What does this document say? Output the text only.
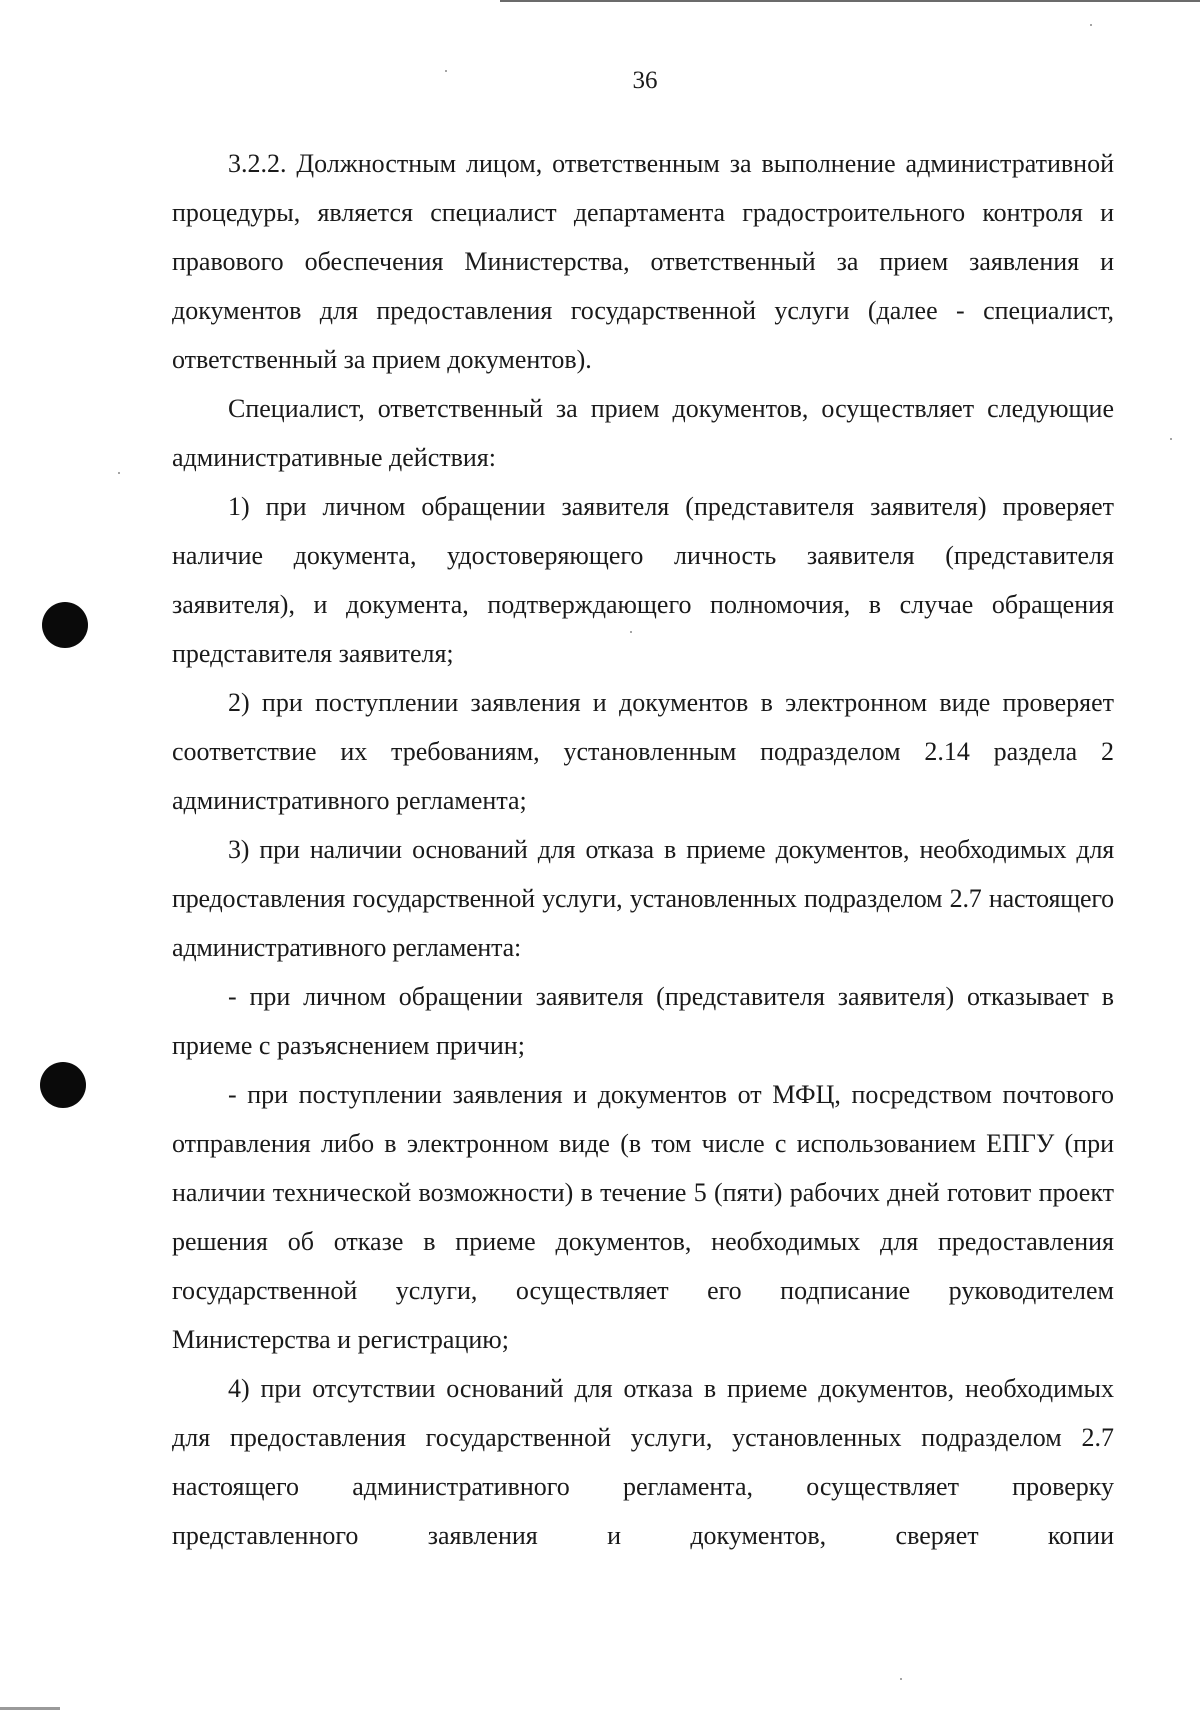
36

3.2.2. Должностным лицом, ответственным за выполнение административной процедуры, является специалист департамента градостроительного контроля и правового обеспечения Министерства, ответственный за прием заявления и документов для предоставления государственной услуги (далее - специалист, ответственный за прием документов).

Специалист, ответственный за прием документов, осуществляет следующие административные действия:

1) при личном обращении заявителя (представителя заявителя) проверяет наличие документа, удостоверяющего личность заявителя (представителя заявителя), и документа, подтверждающего полномочия, в случае обращения представителя заявителя;

2) при поступлении заявления и документов в электронном виде проверяет соответствие их требованиям, установленным подразделом 2.14 раздела 2 административного регламента;

3) при наличии оснований для отказа в приеме документов, необходимых для предоставления государственной услуги, установленных подразделом 2.7 настоящего административного регламента:

- при личном обращении заявителя (представителя заявителя) отказывает в приеме с разъяснением причин;

- при поступлении заявления и документов от МФЦ, посредством почтового отправления либо в электронном виде (в том числе с использованием ЕПГУ (при наличии технической возможности) в течение 5 (пяти) рабочих дней готовит проект решения об отказе в приеме документов, необходимых для предоставления государственной услуги, осуществляет его подписание руководителем Министерства и регистрацию;

4) при отсутствии оснований для отказа в приеме документов, необходимых для предоставления государственной услуги, установленных подразделом 2.7 настоящего административного регламента, осуществляет проверку представленного заявления и документов, сверяет копии
